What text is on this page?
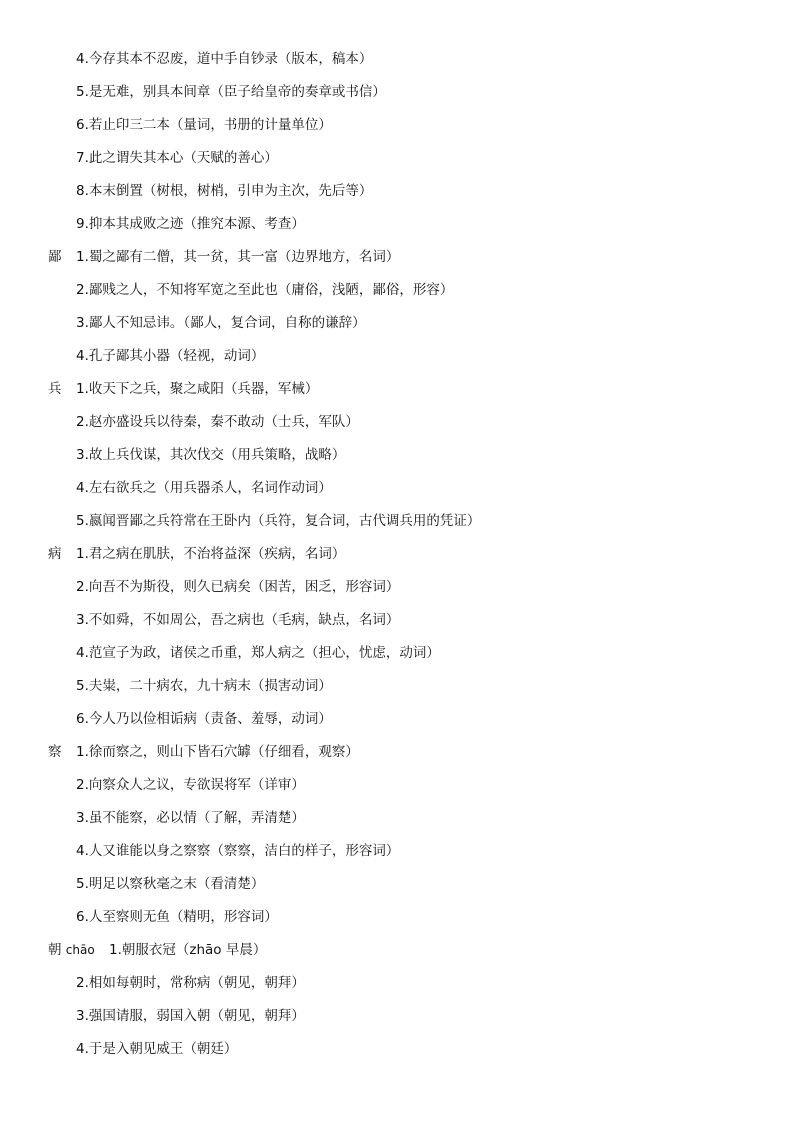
4.今存其本不忍废，道中手自钞录（版本，稿本）
5.是无难，别具本间章（臣子给皇帝的奏章或书信）
6.若止印三二本（量词，书册的计量单位）
7.此之谓失其本心（天赋的善心）
8.本末倒置（树根，树梢，引申为主次，先后等）
9.抑本其成败之迹（推究本源、考查）
鄙 1.蜀之鄙有二僧，其一贫，其一富（边界地方，名词）
2.鄙贱之人，不知将军宽之至此也（庸俗，浅陋，鄙俗，形容）
3.鄙人不知忌讳。（鄙人，复合词，自称的谦辞）
4.孔子鄙其小器（轻视，动词）
兵 1.收天下之兵，聚之咸阳（兵器，军械）
2.赵亦盛设兵以待秦，秦不敢动（士兵，军队）
3.故上兵伐谋，其次伐交（用兵策略，战略）
4.左右欲兵之（用兵器杀人，名词作动词）
5.嬴闻晋鄙之兵符常在王卧内（兵符，复合词，古代调兵用的凭证）
病 1.君之病在肌肤，不治将益深（疾病，名词）
2.向吾不为斯役，则久已病矣（困苦，困乏，形容词）
3.不如舜，不如周公，吾之病也（毛病，缺点，名词）
4.范宣子为政，诸侯之币重，郑人病之（担心，忧虑，动词）
5.夫粜，二十病农，九十病末（损害动词）
6.今人乃以俭相诟病（责备、羞辱，动词）
察 1.徐而察之，则山下皆石穴罅（仔细看，观察）
2.向察众人之议，专欲误将军（详审）
3.虽不能察，必以情（了解，弄清楚）
4.人又谁能以身之察察（察察，洁白的样子，形容词）
5.明足以察秋毫之末（看清楚）
6.人至察则无鱼（精明，形容词）
朝 chāo 1.朝服衣冠（zhāo 早晨）
2.相如每朝时，常称病（朝见，朝拜）
3.强国请服，弱国入朝（朝见，朝拜）
4.于是入朝见威王（朝廷）
